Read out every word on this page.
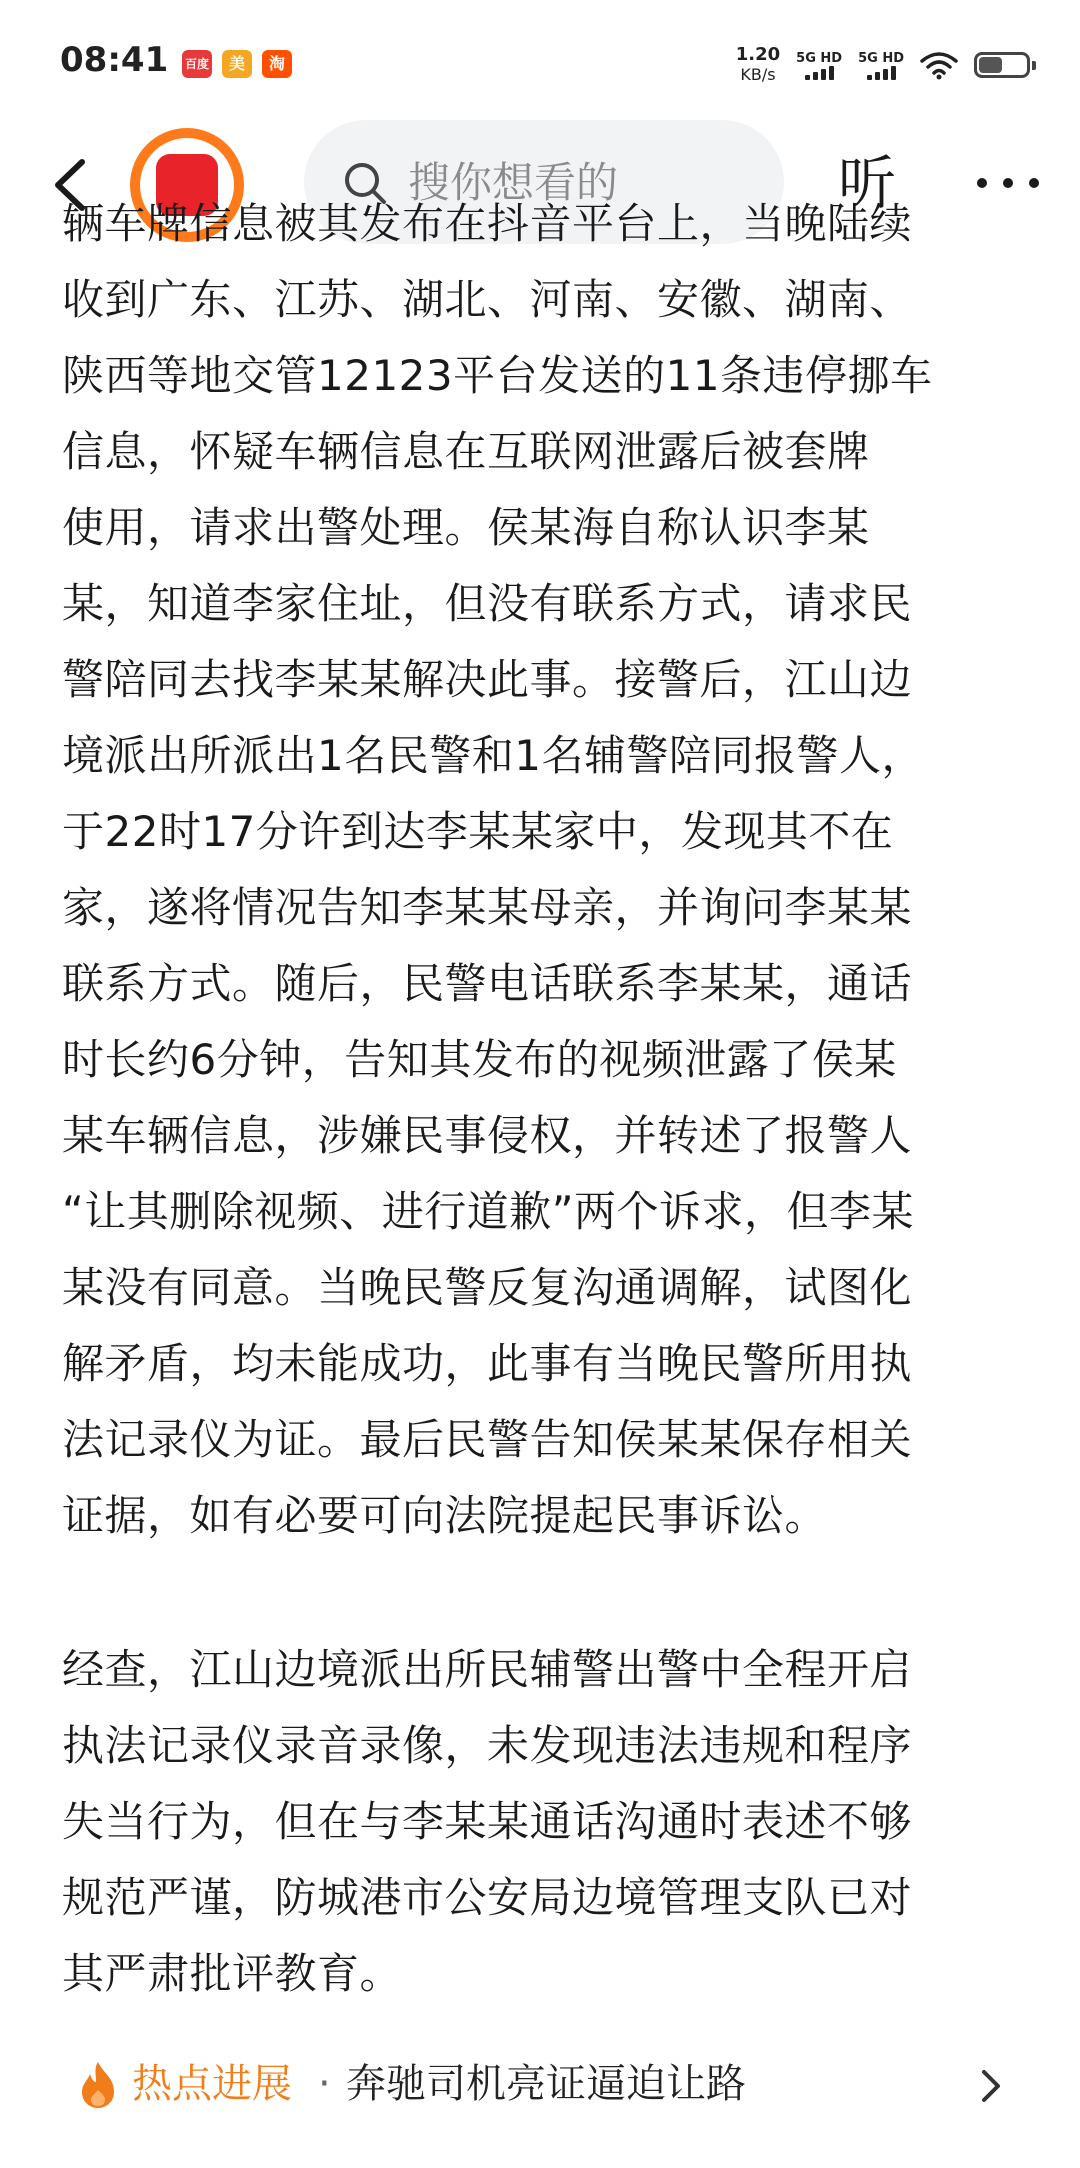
08:41 百度	美团
淘	1.20
KB/s
5G HD 5G HD
搜你想看的	听
辆车牌信息被其发布在抖音平台上，当晚陆续
收到广东、江苏、湖北、河南、安徽、湖南、
陕西等地交管12123平台发送的11条违停挪车
信息，怀疑车辆信息在互联网泄露后被套牌
使用，请求出警处理。侯某海自称认识李某
某，知道李家住址，但没有联系方式，请求民
警陪同去找李某某解决此事。接警后，江山边
境派出所派出1名民警和1名辅警陪同报警人，
于22时17分许到达李某某家中，发现其不在
家，遂将情况告知李某某母亲，并询问李某某
联系方式。随后，民警电话联系李某某，通话
时长约6分钟，告知其发布的视频泄露了侯某
某车辆信息，涉嫌民事侵权，并转述了报警人
“让其删除视频、进行道歉”两个诉求，但李某
某没有同意。当晚民警反复沟通调解，试图化
解矛盾，均未能成功，此事有当晚民警所用执
法记录仪为证。最后民警告知侯某某保存相关
证据，如有必要可向法院提起民事诉讼。
经查，江山边境派出所民辅警出警中全程开启
执法记录仪录音录像，未发现违法违规和程序
失当行为，但在与李某某通话沟通时表述不够
规范严谨，防城港市公安局边境管理支队已对
其严肃批评教育。
热点进展 · 奔驰司机亮证逼迫让路
